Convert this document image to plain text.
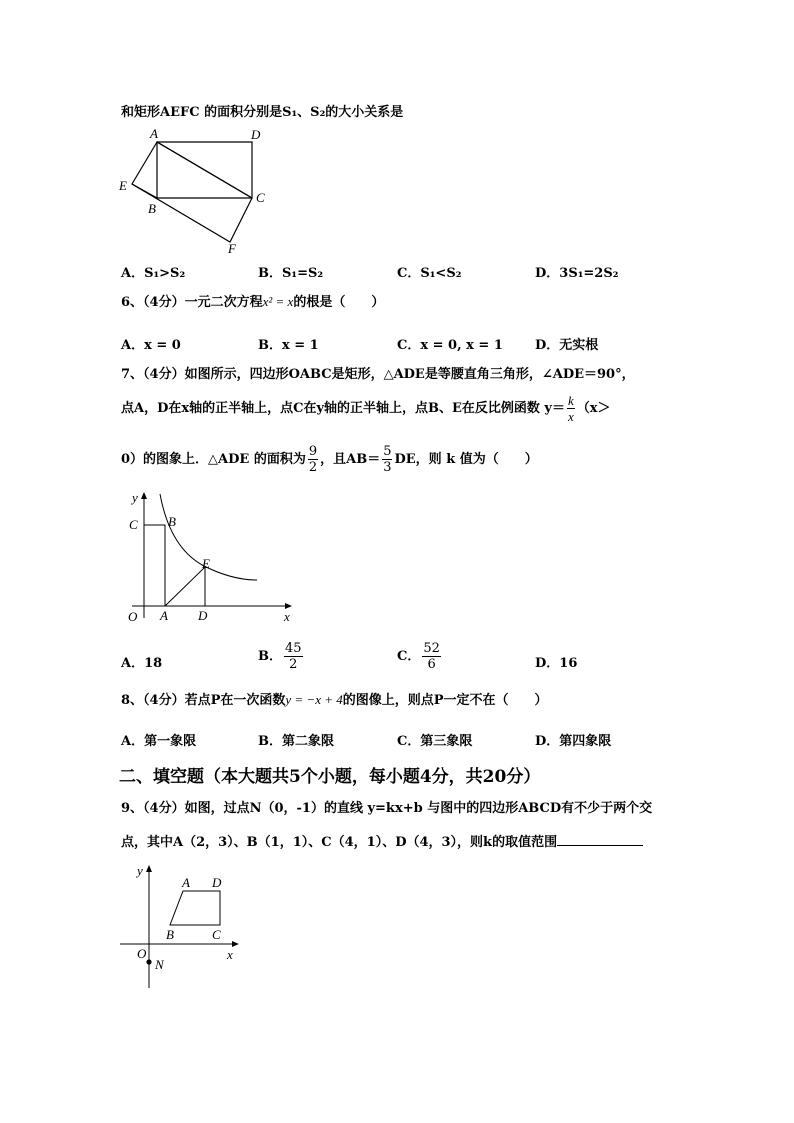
和矩形AEFC 的面积分别是S₁、S₂的大小关系是
A	D
E
B
C
F
A．S₁>S₂	B．S₁=S₂	C．S₁<S₂	D．3S₁=2S₂
6、（4分）一元二次方程x² = x的根是（　　）
A．x = 0	B．x = 1	C．x = 0, x = 1 D．无实根
7、（4分）如图所示，四边形OABC是矩形，△ADE是等腰直角三角形，∠ADE＝90°，
点A，D在x轴的正半轴上，点C在y轴的正半轴上，点B、E在反比例函数 $y= \frac{k}{x} (x>$
0）的图象上．△ADE 的面积为 $\frac{9}{2}$ ，且$AB= \frac{5}{3}$ DE，则 k 值为（　　）
y
x
O A D
C B
E
A．18	B． $\frac{45}{2}$	C． $\frac{52}{6}$	D．16
8、（4分）若点P在一次函数y = −x + 4的图像上，则点P一定不在（　　）
A．第一象限	B．第二象限	C．第三象限	D．第四象限
二、填空题（本大题共5个小题，每小题4分，共20分）
9、（4分）如图，过点N（0，-1）的直线 y=kx+b 与图中的四边形ABCD有不少于两个交
点，其中A（2，3）、B（1，1）、C（4，1）、D（4，3），则k的取值范围
y
x
O
N
A D
B	C
